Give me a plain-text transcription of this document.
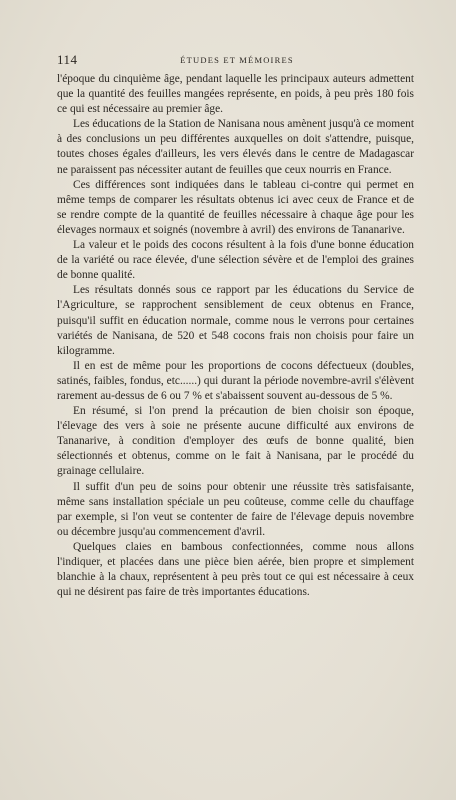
114	ÉTUDES ET MÉMOIRES

l'époque du cinquième âge, pendant laquelle les principaux auteurs admettent que la quantité des feuilles mangées représente, en poids, à peu près 180 fois ce qui est nécessaire au premier âge.

Les éducations de la Station de Nanisana nous amènent jusqu'à ce moment à des conclusions un peu différentes auxquelles on doit s'attendre, puisque, toutes choses égales d'ailleurs, les vers élevés dans le centre de Madagascar ne paraissent pas nécessiter autant de feuilles que ceux nourris en France.

Ces différences sont indiquées dans le tableau ci-contre qui permet en même temps de comparer les résultats obtenus ici avec ceux de France et de se rendre compte de la quantité de feuilles nécessaire à chaque âge pour les élevages normaux et soignés (novembre à avril) des environs de Tananarive.

La valeur et le poids des cocons résultent à la fois d'une bonne éducation de la variété ou race élevée, d'une sélection sévère et de l'emploi des graines de bonne qualité.

Les résultats donnés sous ce rapport par les éducations du Service de l'Agriculture, se rapprochent sensiblement de ceux obtenus en France, puisqu'il suffit en éducation normale, comme nous le verrons pour certaines variétés de Nanisana, de 520 et 548 cocons frais non choisis pour faire un kilogramme.

Il en est de même pour les proportions de cocons défectueux (doubles, satinés, faibles, fondus, etc......) qui durant la période novembre-avril s'élèvent rarement au-dessus de 6 ou 7 % et s'abaissent souvent au-dessous de 5 %.

En résumé, si l'on prend la précaution de bien choisir son époque, l'élevage des vers à soie ne présente aucune difficulté aux environs de Tananarive, à condition d'employer des œufs de bonne qualité, bien sélectionnés et obtenus, comme on le fait à Nanisana, par le procédé du grainage cellulaire.

Il suffit d'un peu de soins pour obtenir une réussite très satisfaisante, même sans installation spéciale un peu coûteuse, comme celle du chauffage par exemple, si l'on veut se contenter de faire de l'élevage depuis novembre ou décembre jusqu'au commencement d'avril.

Quelques claies en bambous confectionnées, comme nous allons l'indiquer, et placées dans une pièce bien aérée, bien propre et simplement blanchie à la chaux, représentent à peu près tout ce qui est nécessaire à ceux qui ne désirent pas faire de très importantes éducations.
